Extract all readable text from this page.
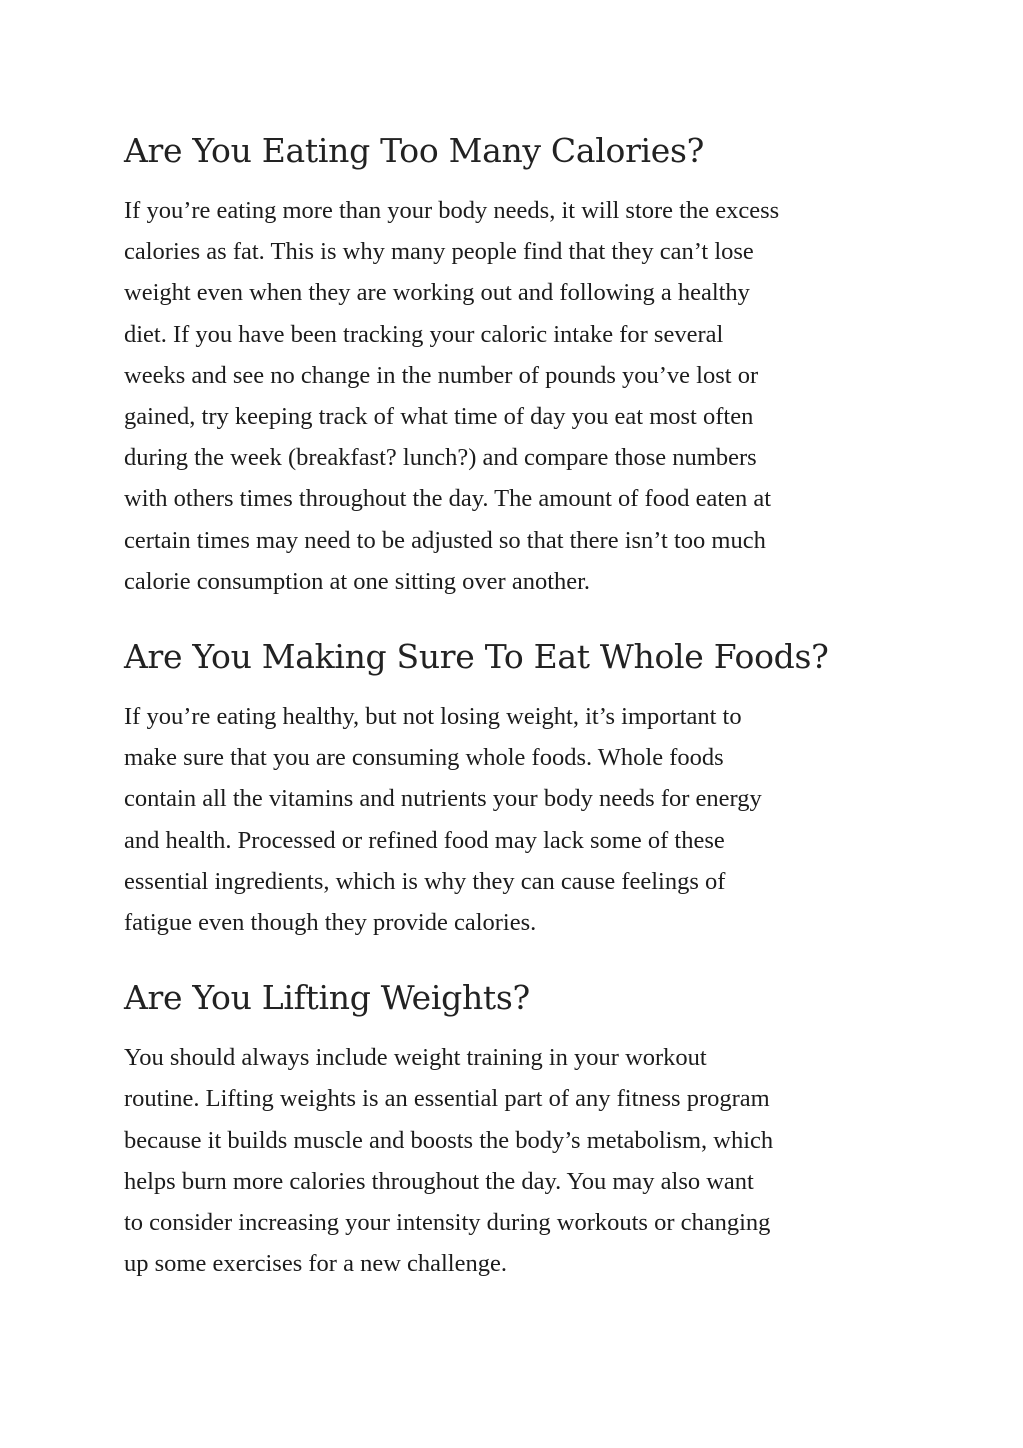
Are You Eating Too Many Calories?

If you’re eating more than your body needs, it will store the excess
calories as fat. This is why many people find that they can’t lose
weight even when they are working out and following a healthy
diet. If you have been tracking your caloric intake for several
weeks and see no change in the number of pounds you’ve lost or
gained, try keeping track of what time of day you eat most often
during the week (breakfast? lunch?) and compare those numbers
with others times throughout the day. The amount of food eaten at
certain times may need to be adjusted so that there isn’t too much
calorie consumption at one sitting over another.

Are You Making Sure To Eat Whole Foods?

If you’re eating healthy, but not losing weight, it’s important to
make sure that you are consuming whole foods. Whole foods
contain all the vitamins and nutrients your body needs for energy
and health. Processed or refined food may lack some of these
essential ingredients, which is why they can cause feelings of
fatigue even though they provide calories.

Are You Lifting Weights?

You should always include weight training in your workout
routine. Lifting weights is an essential part of any fitness program
because it builds muscle and boosts the body’s metabolism, which
helps burn more calories throughout the day. You may also want
to consider increasing your intensity during workouts or changing
up some exercises for a new challenge.
